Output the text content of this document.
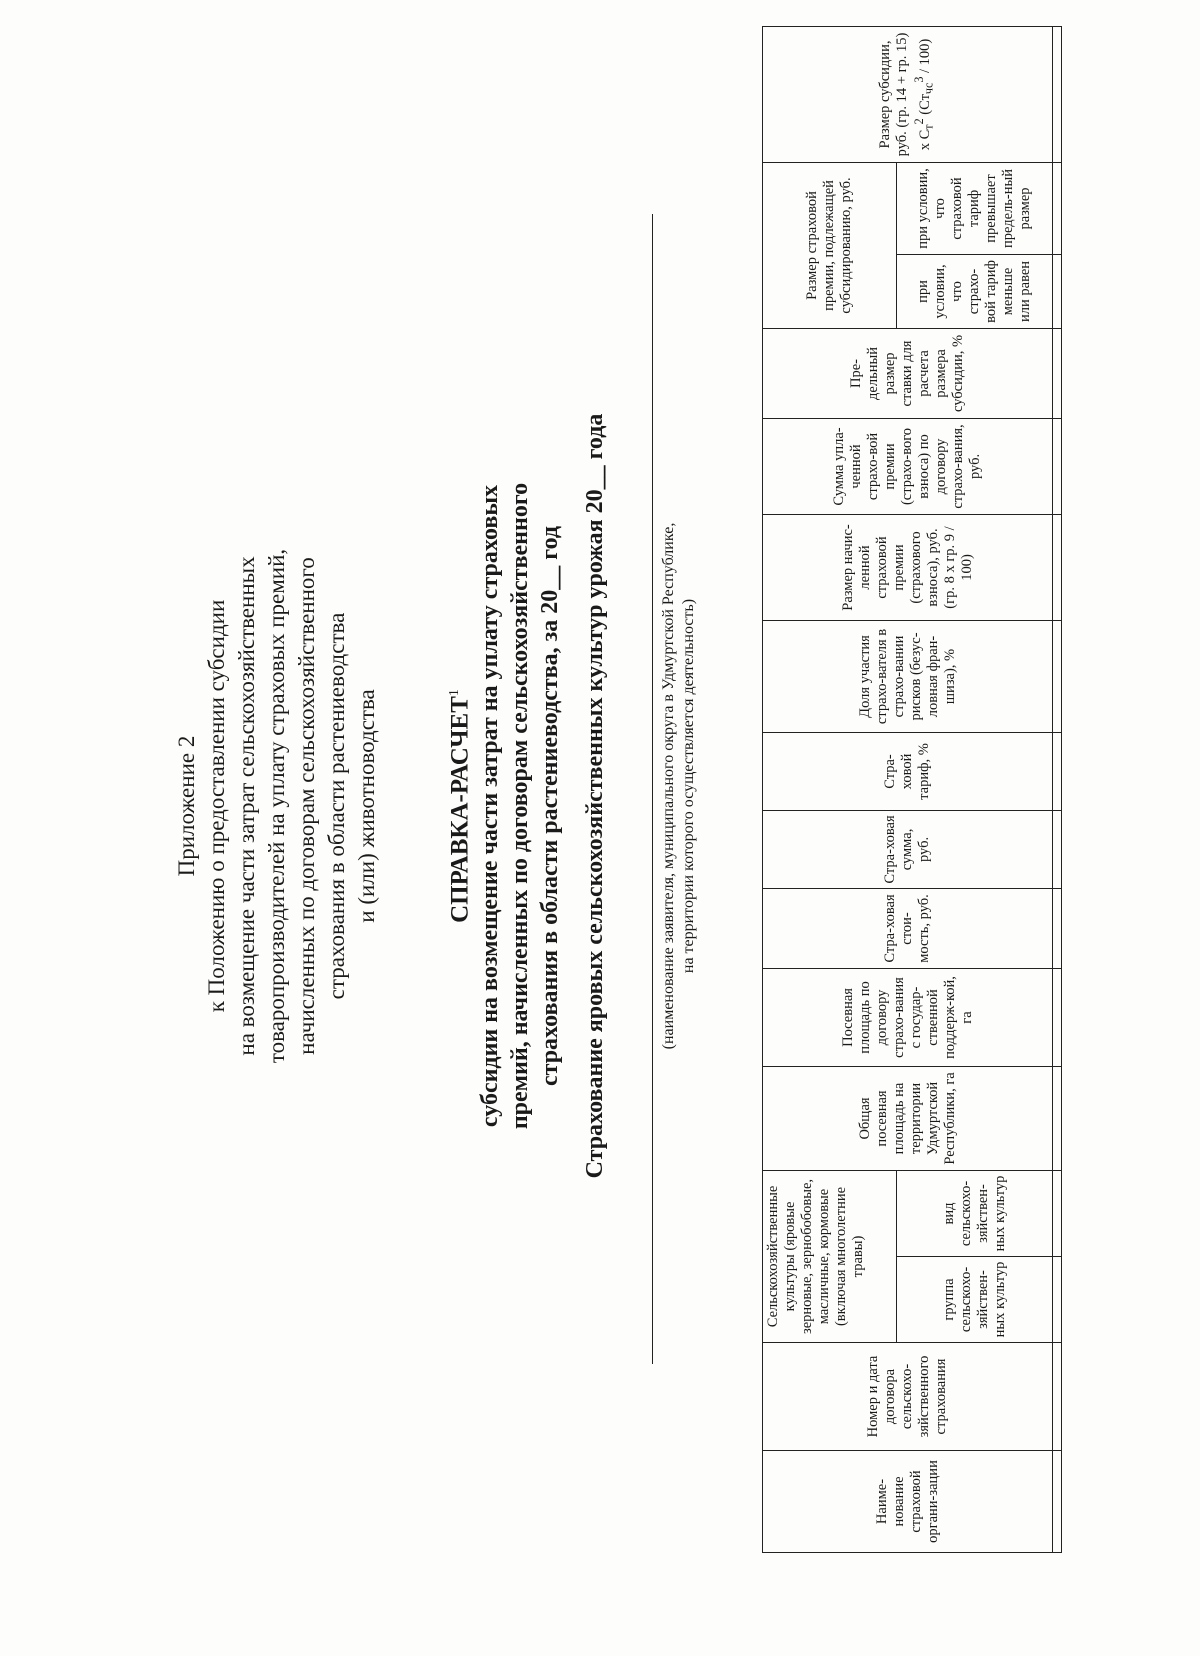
Приложение 2 к Положению о предоставлении субсидии на возмещение части затрат сельскохозяйственных товаропроизводителей на уплату страховых премий, начисленных по договорам сельскохозяйственного страхования в области растениеводства и (или) животноводства	СПРАВКА-РАСЧЕТ$^1$ субсидии на возмещение части затрат на уплату страховых премий, начисленных по договорам сельскохозяйственного страхования в области растениеводства, за 20__ год Страхование яровых сельскохозяйственных культур урожая 20__ года	(наименование заявителя, муниципального округа в Удмуртской Республике, на территории которого осуществляется деятельность)
Наиме-нование страховой органи-зации	Номер и дата договора сельскохо-зяйственного страхования	Сельскохозяйственные культуры (яровые зерновые, зернобобовые, масличные, кормовые (включая многолетние травы)		Общая посевная площадь на территории Удмуртской Республики, га	Посевная площадь по договору страхо-вания с государ-ственной поддерж-кой, га	Стра-ховая стои-мость, руб.	Стра-ховая сумма, руб.	Стра-ховой тариф, %	Доля участия страхо-вателя в страхо-вании рисков (безус-ловная фран-шиза), %	Размер начис-ленной страховой премии (страхового взноса), руб. (гр. 8 х гр. 9 / 100)	Сумма упла-ченной страхо-вой премии (страхо-вого взноса) по договору страхо-вания, руб.	Пре-дельный размер ставки для расчета размера субсидии, %	Размер страховой премии, подлежащей субсидированию, руб.		Размер субсидии, руб. (гр. 14 + гр. 15) х $С_т^2$ $(Ст_{чс}^3 / 100)$
		группа сельскохо-зяйствен-ных культур	вид сельскохо-зяйствен-ных культур										при условии, что страхо-вой тариф меньше или равен	при условии, что страховой тариф превышает предель-ный размер	
